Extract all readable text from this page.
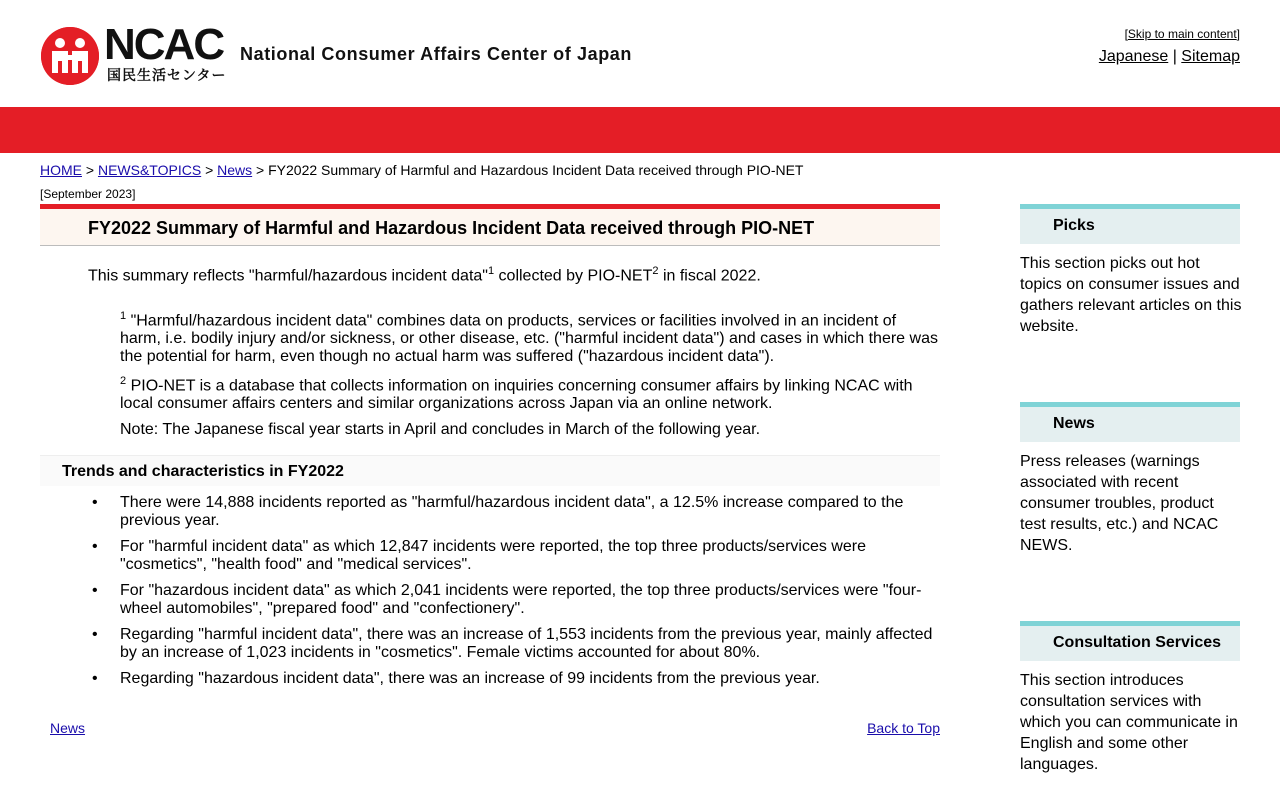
NCAC
国民生活センター
National Consumer Affairs Center of Japan
[Skip to main content]
Japanese | Sitemap
HOME > NEWS&TOPICS > News > FY2022 Summary of Harmful and Hazardous Incident Data received through PIO-NET
[September 2023]
FY2022 Summary of Harmful and Hazardous Incident Data received through PIO-NET
This summary reflects "harmful/hazardous incident data"$^1$ collected by PIO-NET$^2$ in fiscal 2022.
$^1$ "Harmful/hazardous incident data" combines data on products, services or facilities involved in an incident of harm, i.e. bodily injury and/or sickness, or other disease, etc. ("harmful incident data") and cases in which there was the potential for harm, even though no actual harm was suffered ("hazardous incident data").
$^2$ PIO-NET is a database that collects information on inquiries concerning consumer affairs by linking NCAC with local consumer affairs centers and similar organizations across Japan via an online network.
Note: The Japanese fiscal year starts in April and concludes in March of the following year.
Trends and characteristics in FY2022
• There were 14,888 incidents reported as "harmful/hazardous incident data", a 12.5% increase compared to the previous year.
• For "harmful incident data" as which 12,847 incidents were reported, the top three products/services were "cosmetics", "health food" and "medical services".
• For "hazardous incident data" as which 2,041 incidents were reported, the top three products/services were "four-wheel automobiles", "prepared food" and "confectionery".
• Regarding "harmful incident data", there was an increase of 1,553 incidents from the previous year, mainly affected by an increase of 1,023 incidents in "cosmetics". Female victims accounted for about 80%.
• Regarding "hazardous incident data", there was an increase of 99 incidents from the previous year.
News	Back to Top
Picks
This section picks out hot topics on consumer issues and gathers relevant articles on this website.
News
Press releases (warnings associated with recent consumer troubles, product test results, etc.) and NCAC NEWS.
Consultation Services
This section introduces consultation services with which you can communicate in English and some other languages.
